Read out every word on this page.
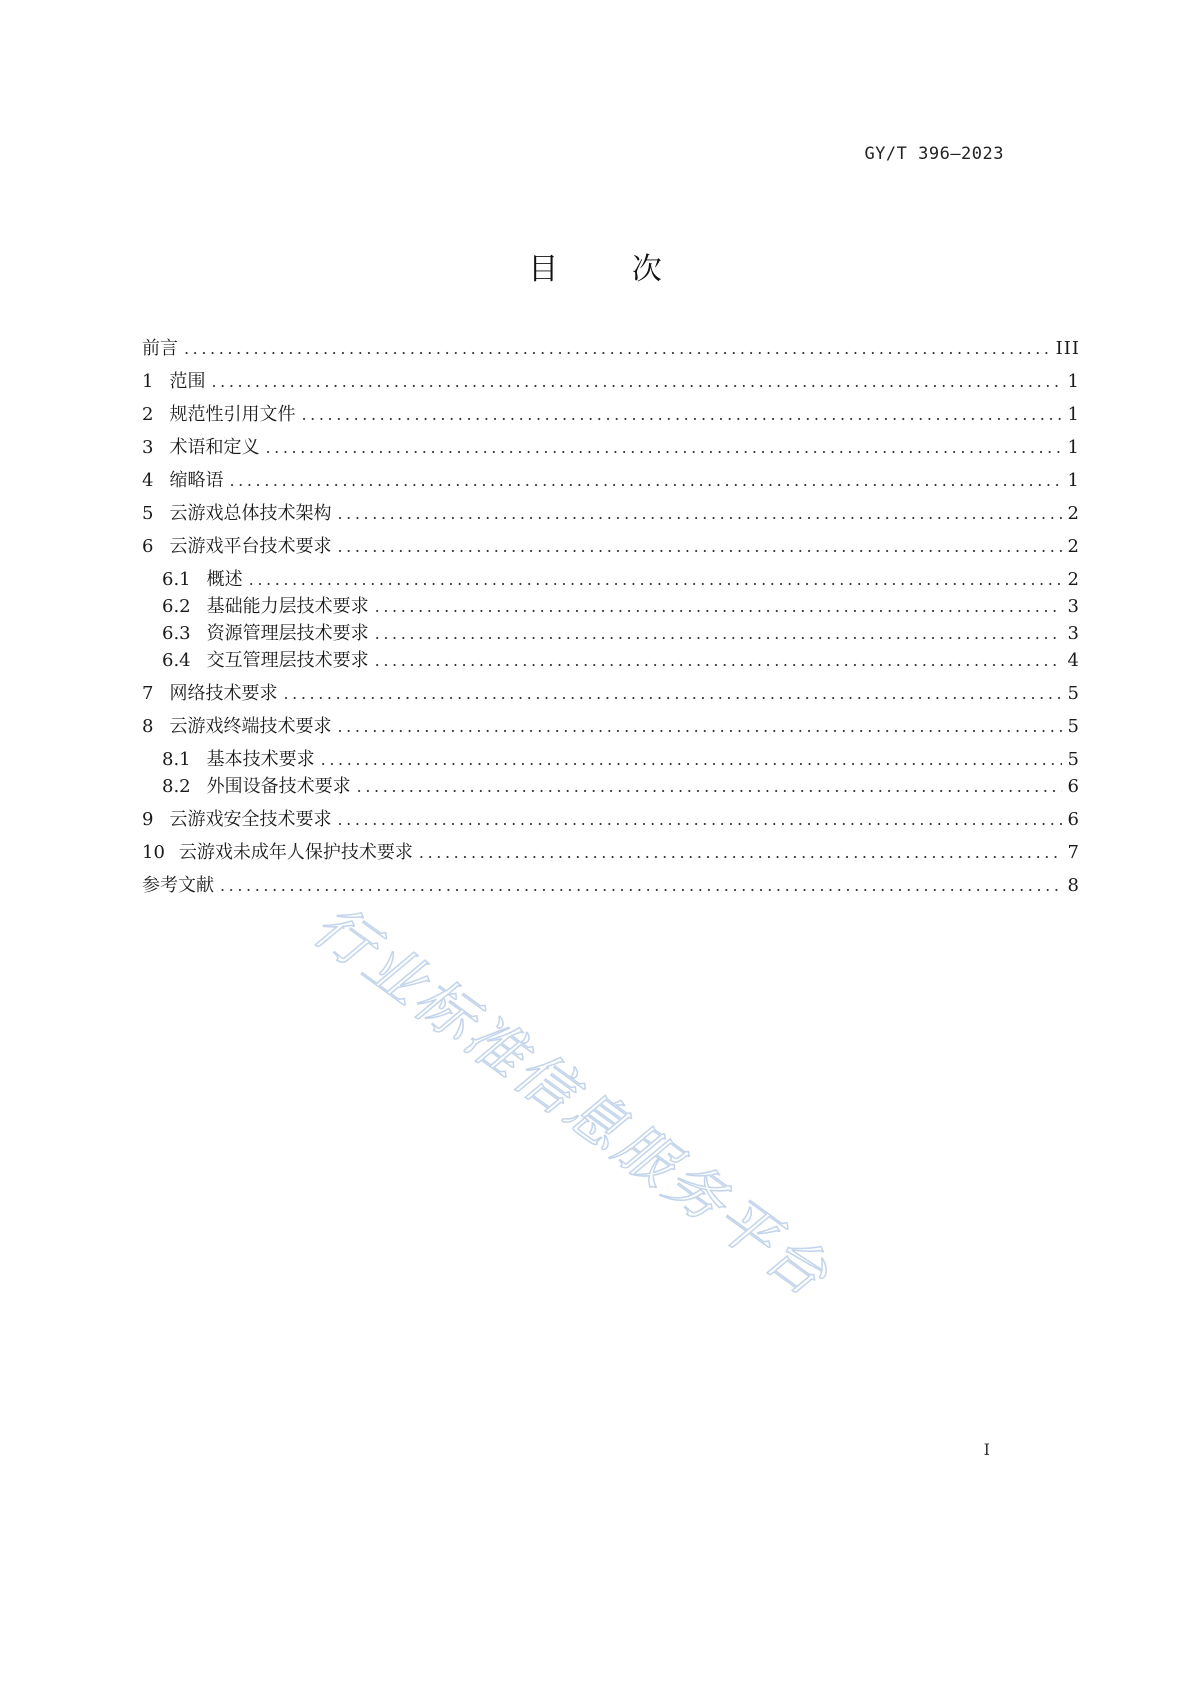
GY/T 396—2023
目 次
前言 .....	III
1 范围 .....	1
2 规范性引用文件 .....	1
3 术语和定义 .....	1
4 缩略语 .....	1
5 云游戏总体技术架构 .....	2
6 云游戏平台技术要求 .....	2
6.1 概述 .....	2
6.2 基础能力层技术要求 .....	3
6.3 资源管理层技术要求 .....	3
6.4 交互管理层技术要求 .....	4
7 网络技术要求 .....	5
8 云游戏终端技术要求 .....	5
8.1 基本技术要求 .....	5
8.2 外围设备技术要求 .....	6
9 云游戏安全技术要求 .....	6
10 云游戏未成年人保护技术要求 .....	7
参考文献 .....	8
行业标准信息服务平台
I
